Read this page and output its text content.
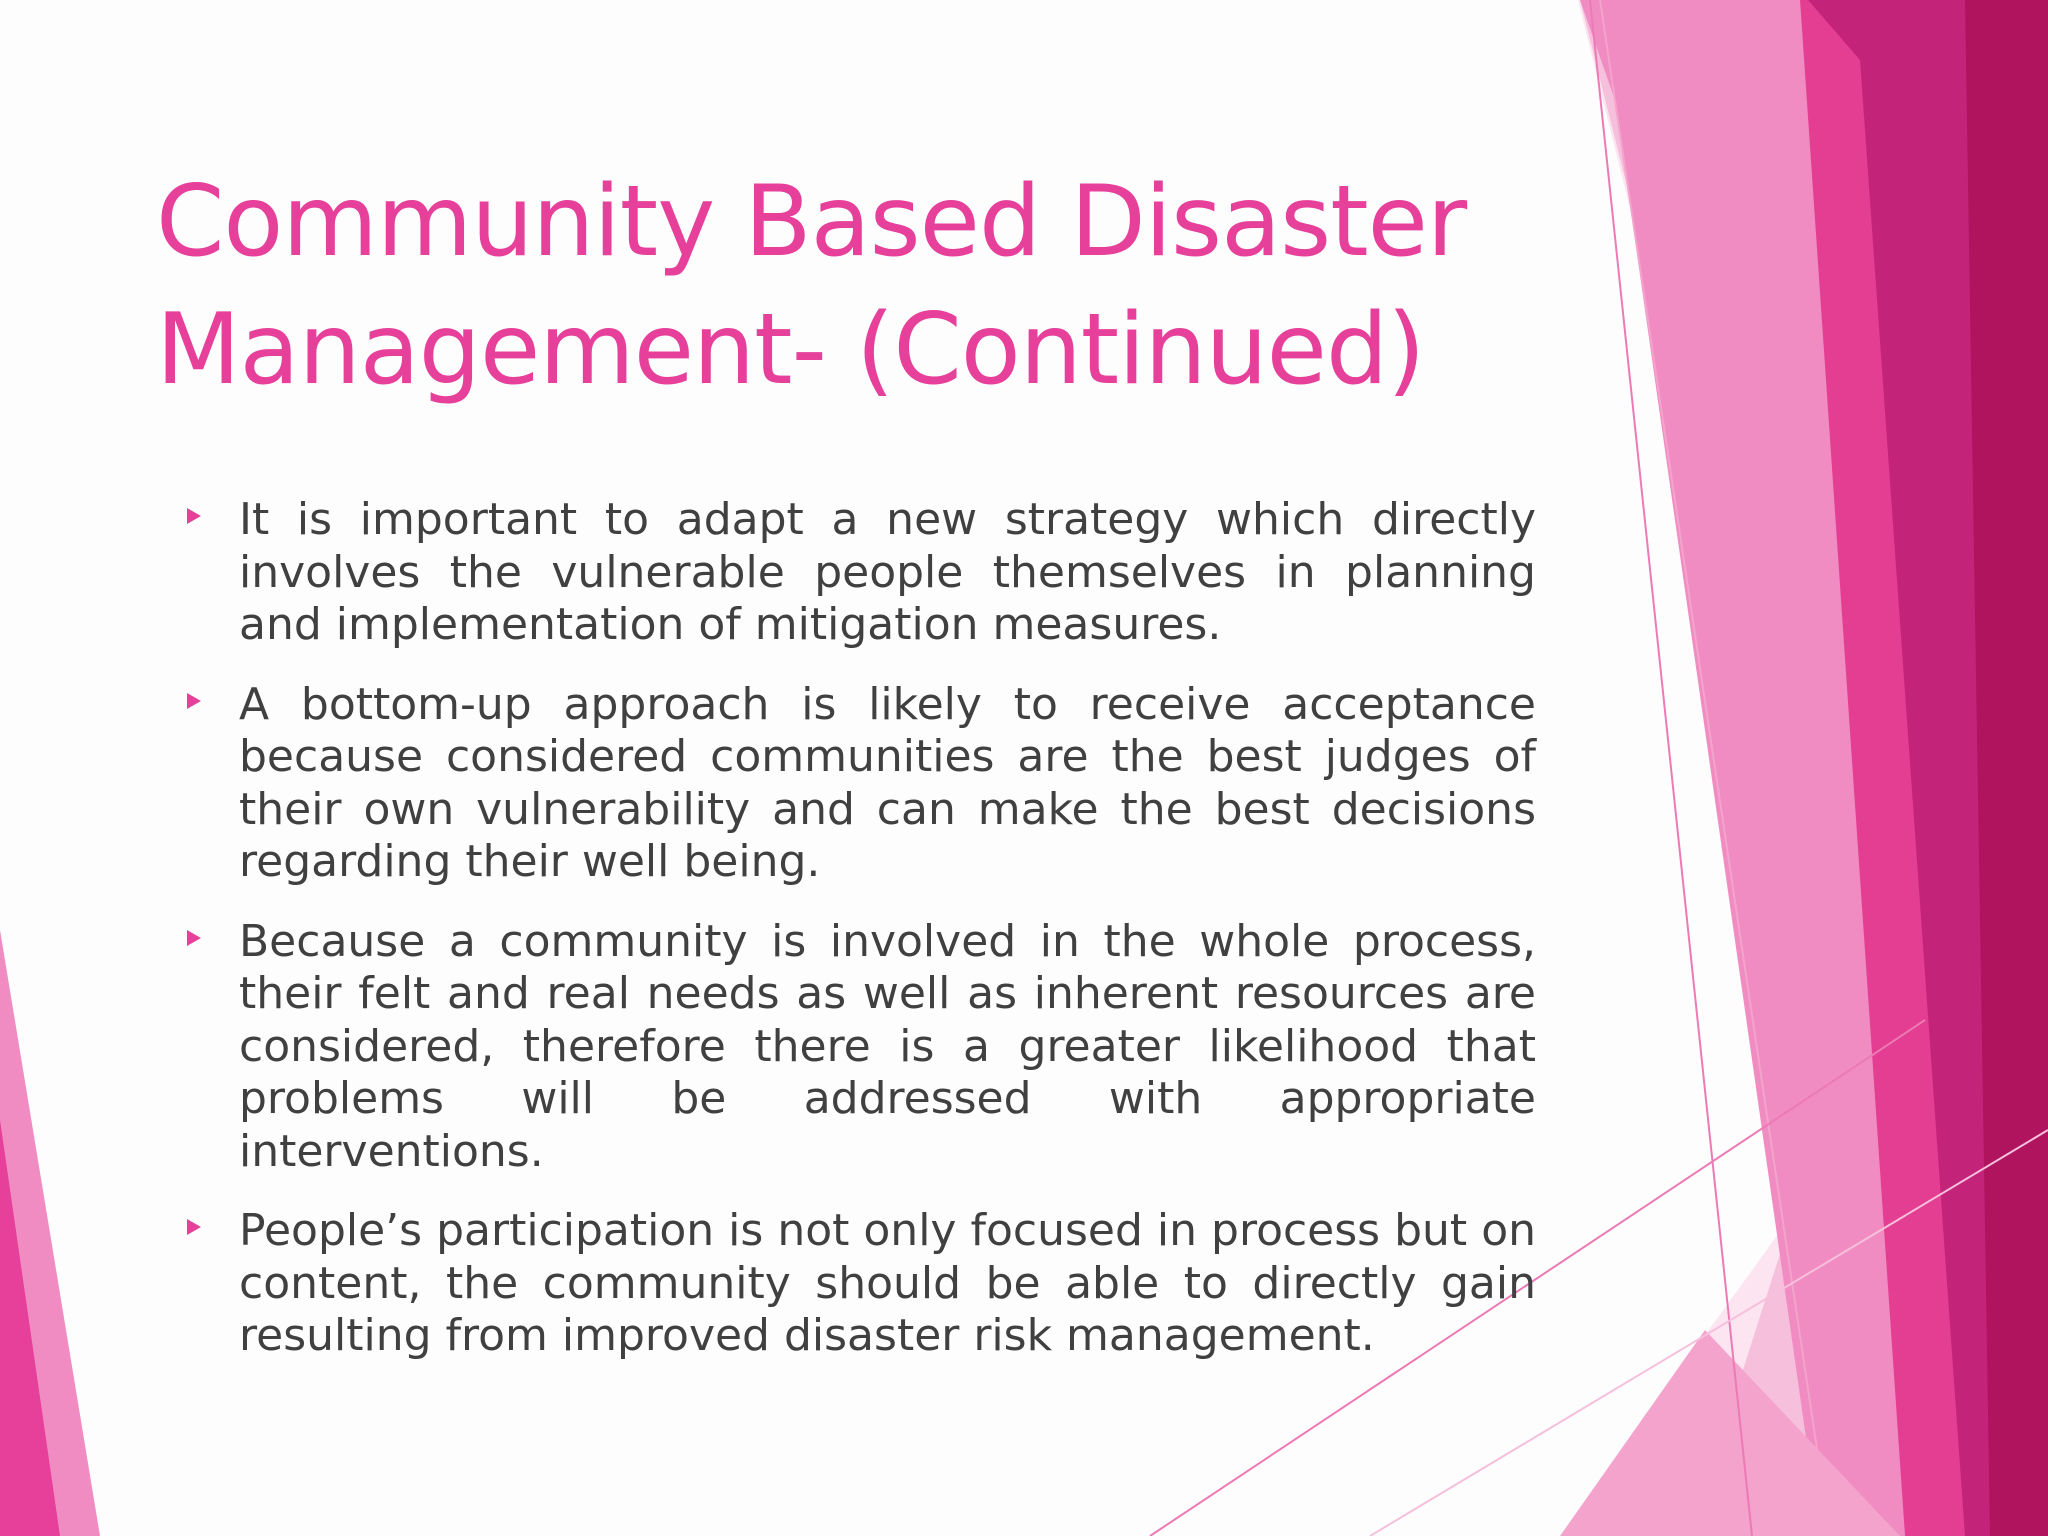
Community Based Disaster
Management- (Continued)
It is important to adapt a new strategy which directly involves the vulnerable people themselves in planning and implementation of mitigation measures.
A bottom-up approach is likely to receive acceptance because considered communities are the best judges of their own vulnerability and can make the best decisions regarding their well being.
Because a community is involved in the whole process, their felt and real needs as well as inherent resources are considered, therefore there is a greater likelihood that problems will be addressed with appropriate interventions.
People’s participation is not only focused in process but on content, the community should be able to directly gain resulting from improved disaster risk management.
